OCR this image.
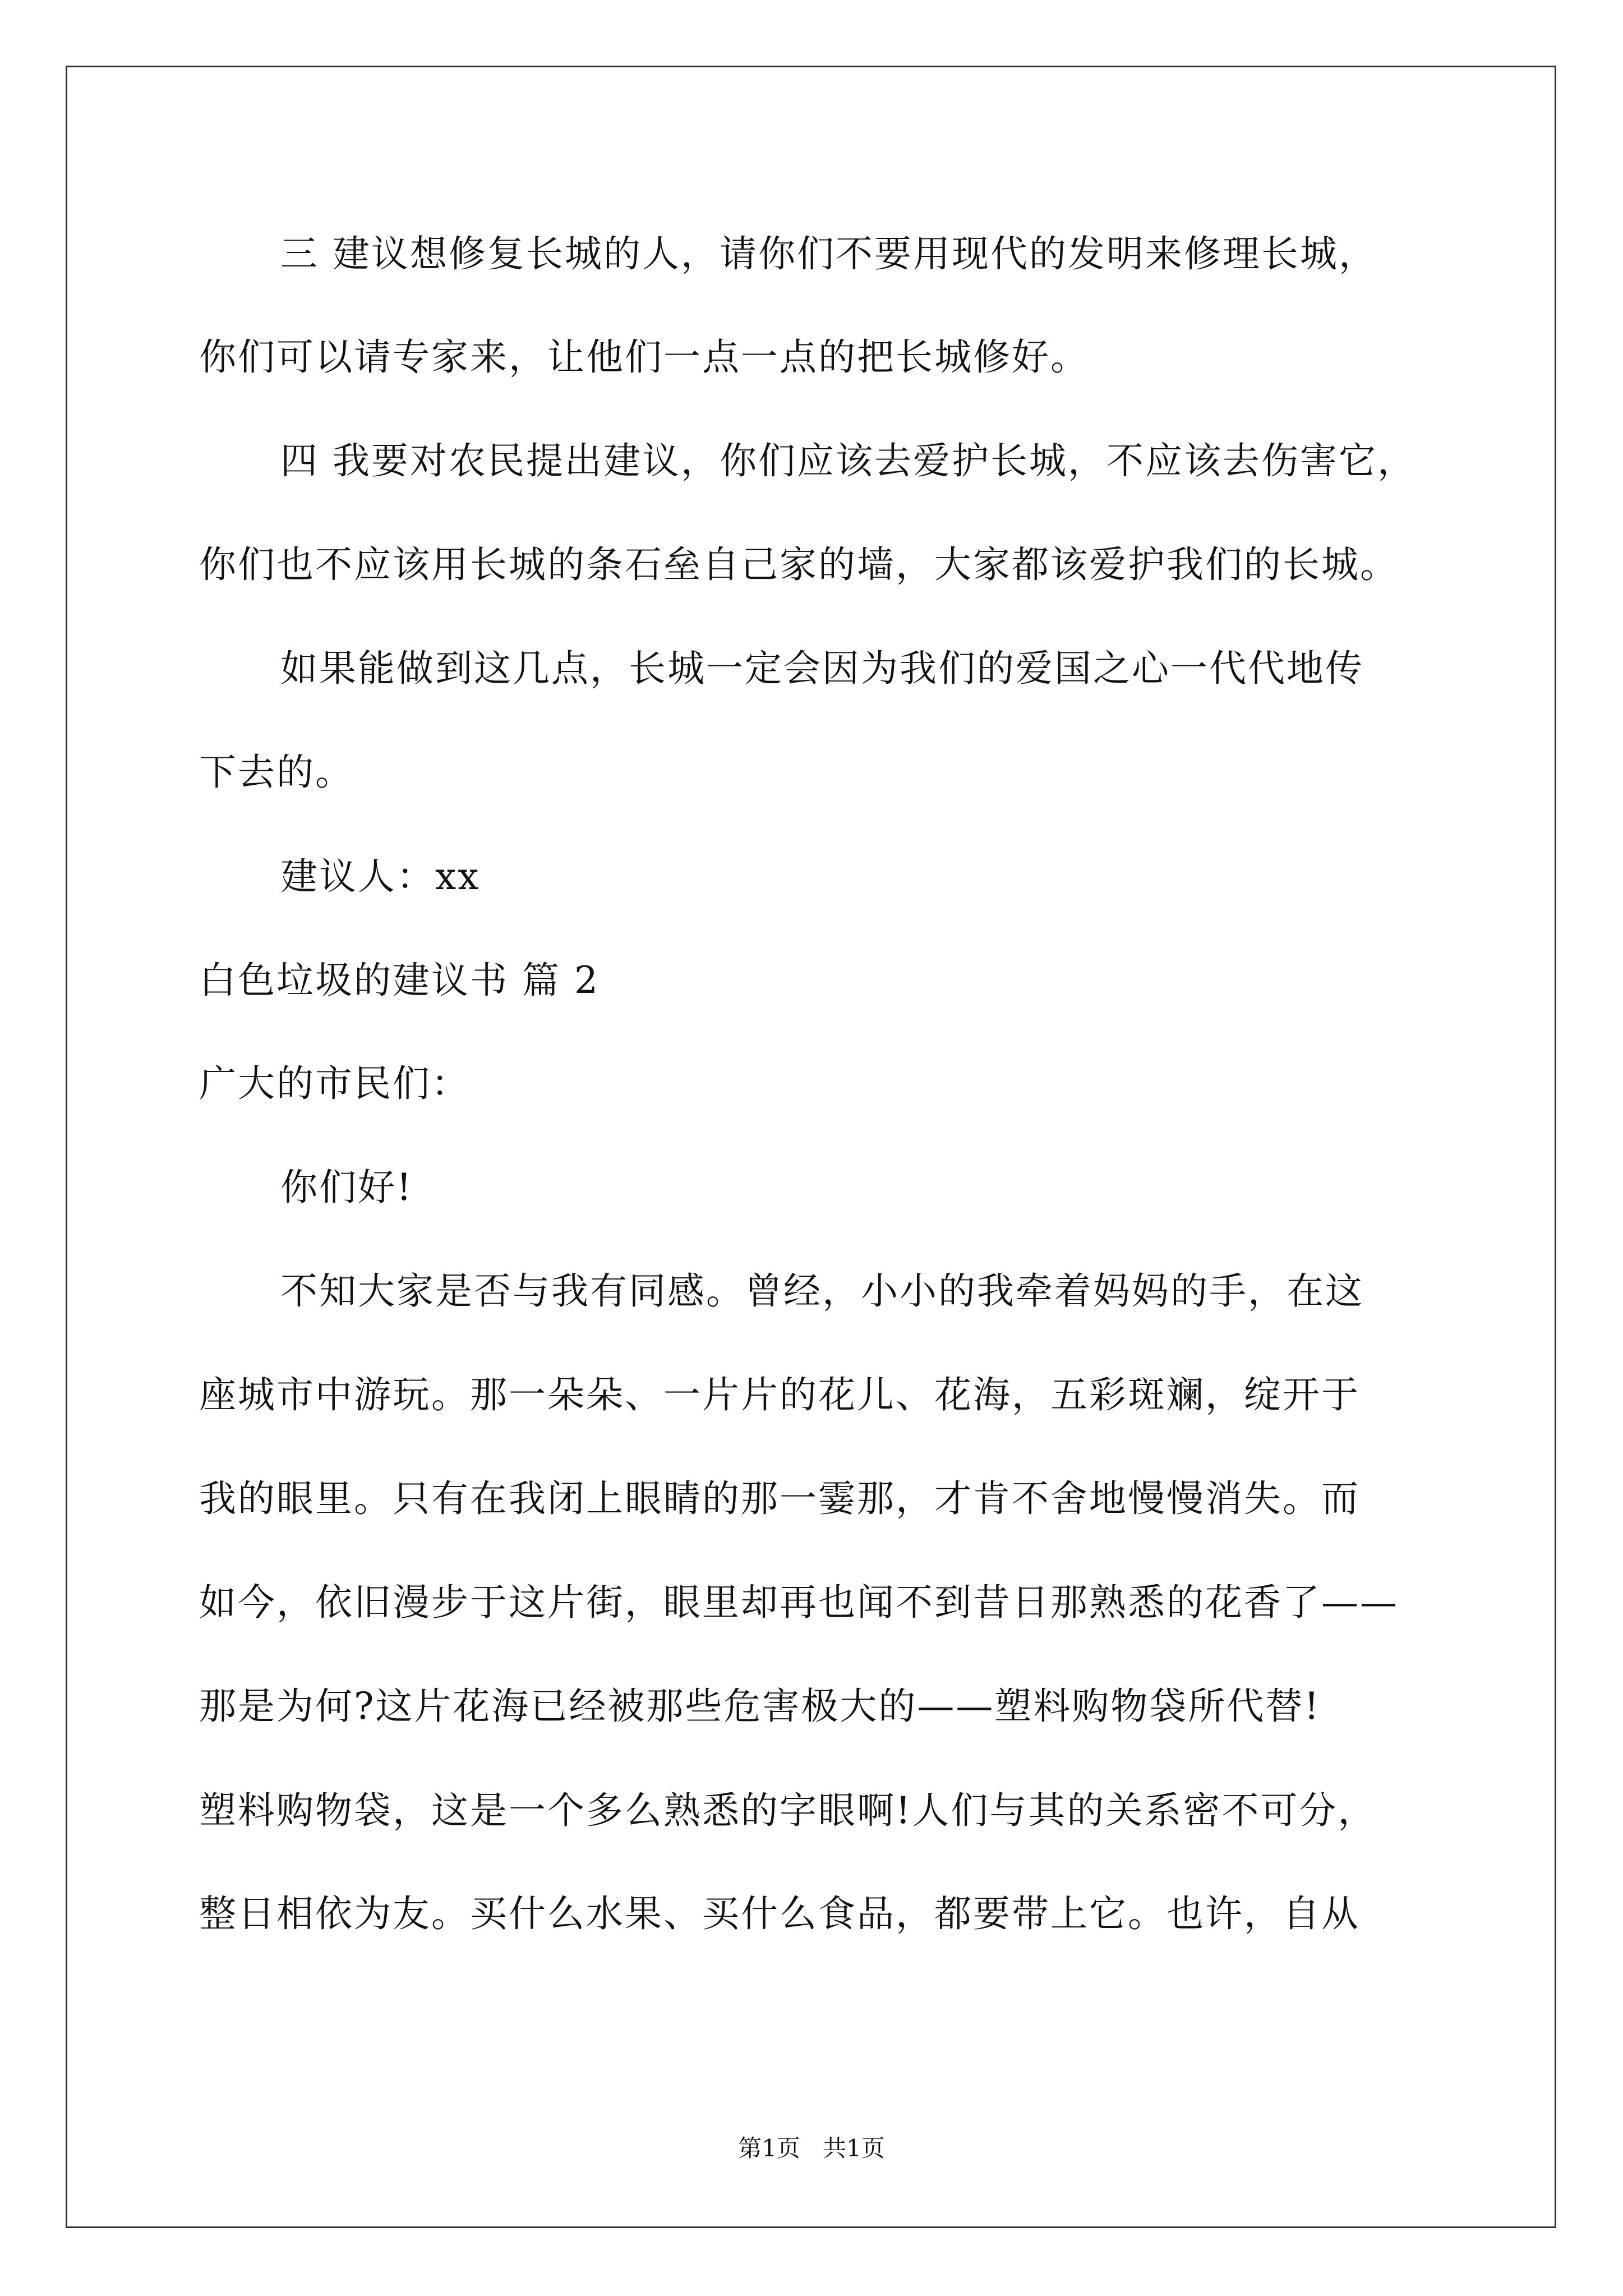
三 建议想修复长城的人，请你们不要用现代的发明来修理长城，
你们可以请专家来，让他们一点一点的把长城修好。
四 我要对农民提出建议，你们应该去爱护长城，不应该去伤害它，
你们也不应该用长城的条石垒自己家的墙，大家都该爱护我们的长城。
如果能做到这几点，长城一定会因为我们的爱国之心一代代地传
下去的。
建议人：xx
白色垃圾的建议书 篇 2
广大的市民们：
你们好!
不知大家是否与我有同感。曾经，小小的我牵着妈妈的手，在这
座城市中游玩。那一朵朵、一片片的花儿、花海，五彩斑斓，绽开于
我的眼里。只有在我闭上眼睛的那一霎那，才肯不舍地慢慢消失。而
如今，依旧漫步于这片街，眼里却再也闻不到昔日那熟悉的花香了——
那是为何?这片花海已经被那些危害极大的——塑料购物袋所代替!
塑料购物袋，这是一个多么熟悉的字眼啊!人们与其的关系密不可分，
整日相依为友。买什么水果、买什么食品，都要带上它。也许，自从
第1页   共1页
